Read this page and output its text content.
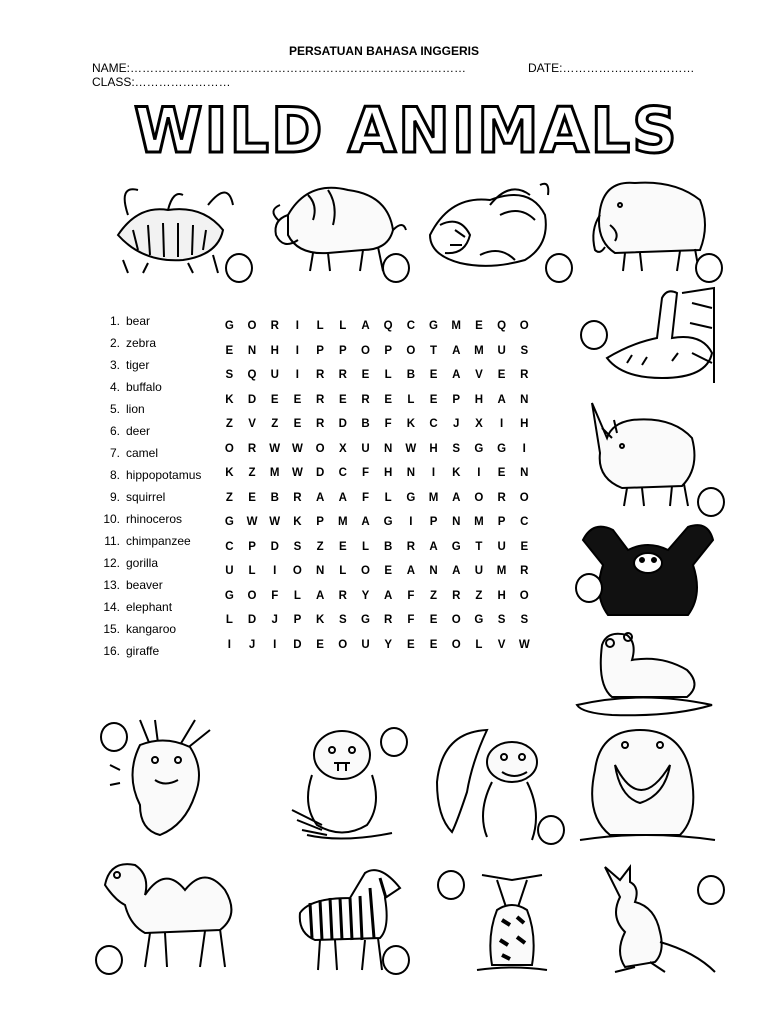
PERSATUAN BAHASA INGGERIS
NAME:…………………………………………………………………………	DATE:……………………………
CLASS:……………………
WILD ANIMALS
1. bear
2. zebra
3. tiger
4. buffalo
5. lion
6. deer
7. camel
8. hippopotamus
9. squirrel
10. rhinoceros
11. chimpanzee
12. gorilla
13. beaver
14. elephant
15. kangaroo
16. giraffe
G O R I L L A Q C G M E Q O
E N H I P P O P O T A M U S
S Q U I R R E L B E A V E R
K D E E R E R E L E P H A N
Z V Z E R D B F K C J X I H
O R W W O X U N W H S G G I
K Z M W D C F H N I K I E N
Z E B R A A F L G M A O R O
G W W K P M A G I P N M P C
C P D S Z E L B R A G T U E
U L I O N L O E A N A U M R
G O F L A R Y A F Z R Z H O
L D J P K S G R F E O G S S
I J I D E O U Y E E O L V W
